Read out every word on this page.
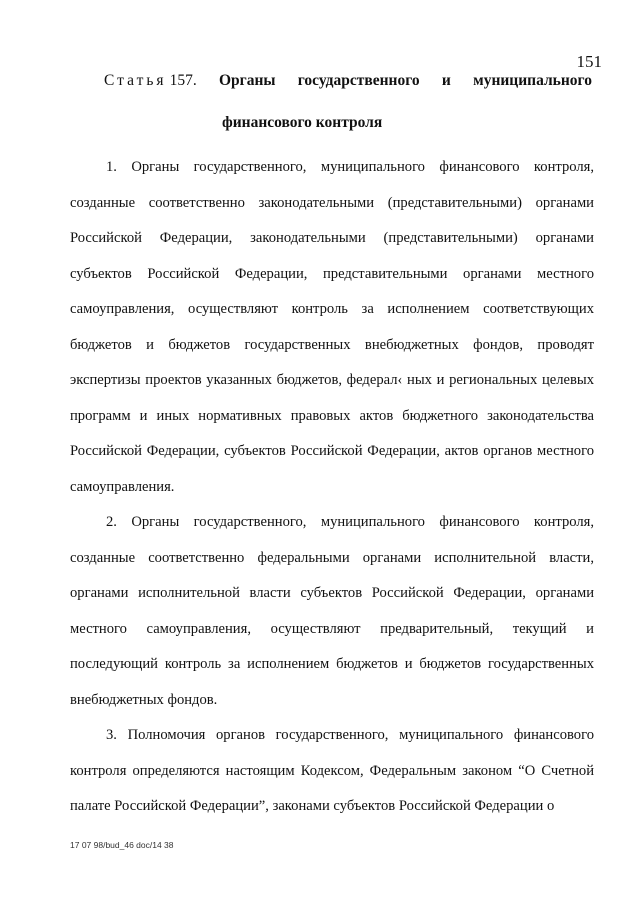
151
Статья 157. Органы государственного и муниципального
финансового контроля

1. Органы государственного, муниципального финансового контроля, созданные соответственно законодательными (представительными) органами Российской Федерации, законодательными (представительными) органами субъектов Российской Федерации, представительными органами местного самоуправления, осуществляют контроль за исполнением соответствующих бюджетов и бюджетов государственных внебюджетных фондов, проводят экспертизы проектов указанных бюджетов, федерал‹ ных и региональных целевых программ и иных нормативных правовых актов бюджетного законодательства Российской Федерации, субъектов Российской Федерации, актов органов местного самоуправления.

2. Органы государственного, муниципального финансового контроля, созданные соответственно федеральными органами исполнительной власти, органами исполнительной власти субъектов Российской Федерации, органами местного самоуправления, осуществляют предварительный, текущий и последующий контроль за исполнением бюджетов и бюджетов государственных внебюджетных фондов.

3. Полномочия органов государственного, муниципального финансового контроля определяются настоящим Кодексом, Федеральным законом “О Счетной палате Российской Федерации”, законами субъектов Российской Федерации о

17 07 98/bud_46 doc/14 38
